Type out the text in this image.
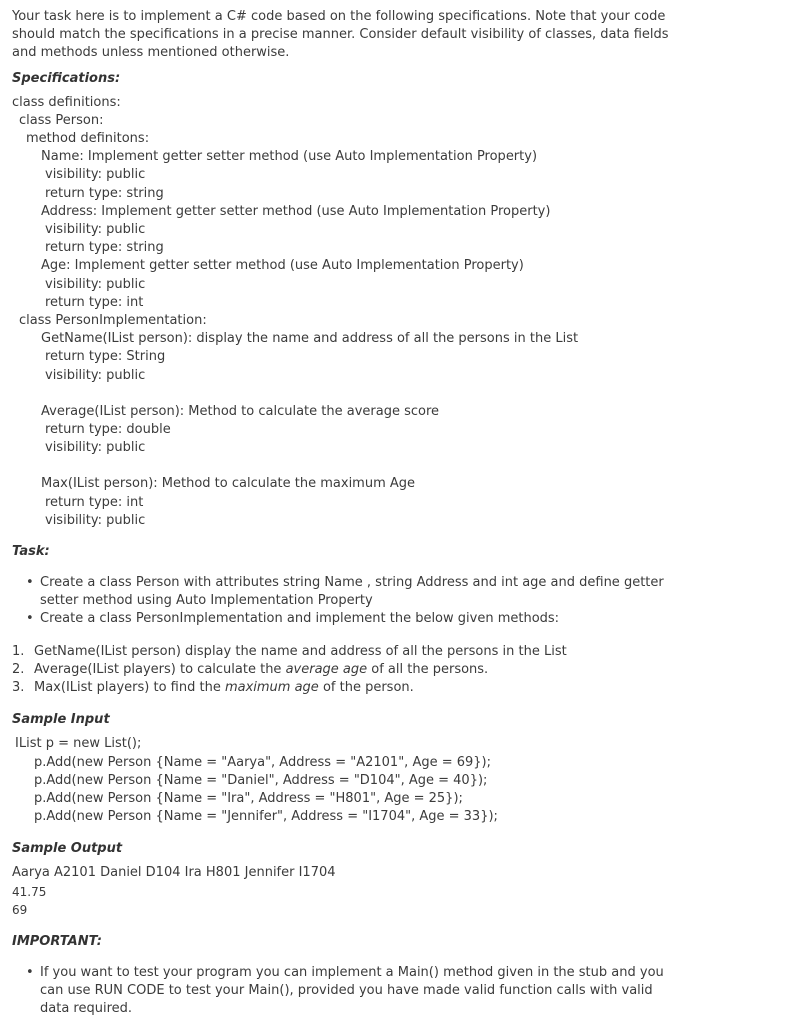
Your task here is to implement a C# code based on the following specifications. Note that your code should match the specifications in a precise manner. Consider default visibility of classes, data fields and methods unless mentioned otherwise.
Specifications:
class definitions:
class Person:
method definitons:
Name: Implement getter setter method (use Auto Implementation Property)
visibility: public
return type: string
Address: Implement getter setter method (use Auto Implementation Property)
visibility: public
return type: string
Age: Implement getter setter method (use Auto Implementation Property)
visibility: public
return type: int
class PersonImplementation:
GetName(IList person): display the name and address of all the persons in the List
return type: String
visibility: public
Average(IList person): Method to calculate the average score
return type: double
visibility: public
Max(IList person): Method to calculate the maximum Age
return type: int
visibility: public
Task:
• Create a class Person with attributes string Name , string Address and int age and define getter setter method using Auto Implementation Property
• Create a class PersonImplementation and implement the below given methods:
1. GetName(IList person) display the name and address of all the persons in the List
2. Average(IList players) to calculate the average age of all the persons.
3. Max(IList players) to find the maximum age of the person.
Sample Input
IList p = new List();
p.Add(new Person {Name = "Aarya", Address = "A2101", Age = 69});
p.Add(new Person {Name = "Daniel", Address = "D104", Age = 40});
p.Add(new Person {Name = "Ira", Address = "H801", Age = 25});
p.Add(new Person {Name = "Jennifer", Address = "I1704", Age = 33});
Sample Output
Aarya A2101 Daniel D104 Ira H801 Jennifer I1704
41.75
69
IMPORTANT:
• If you want to test your program you can implement a Main() method given in the stub and you can use RUN CODE to test your Main(), provided you have made valid function calls with valid data required.
